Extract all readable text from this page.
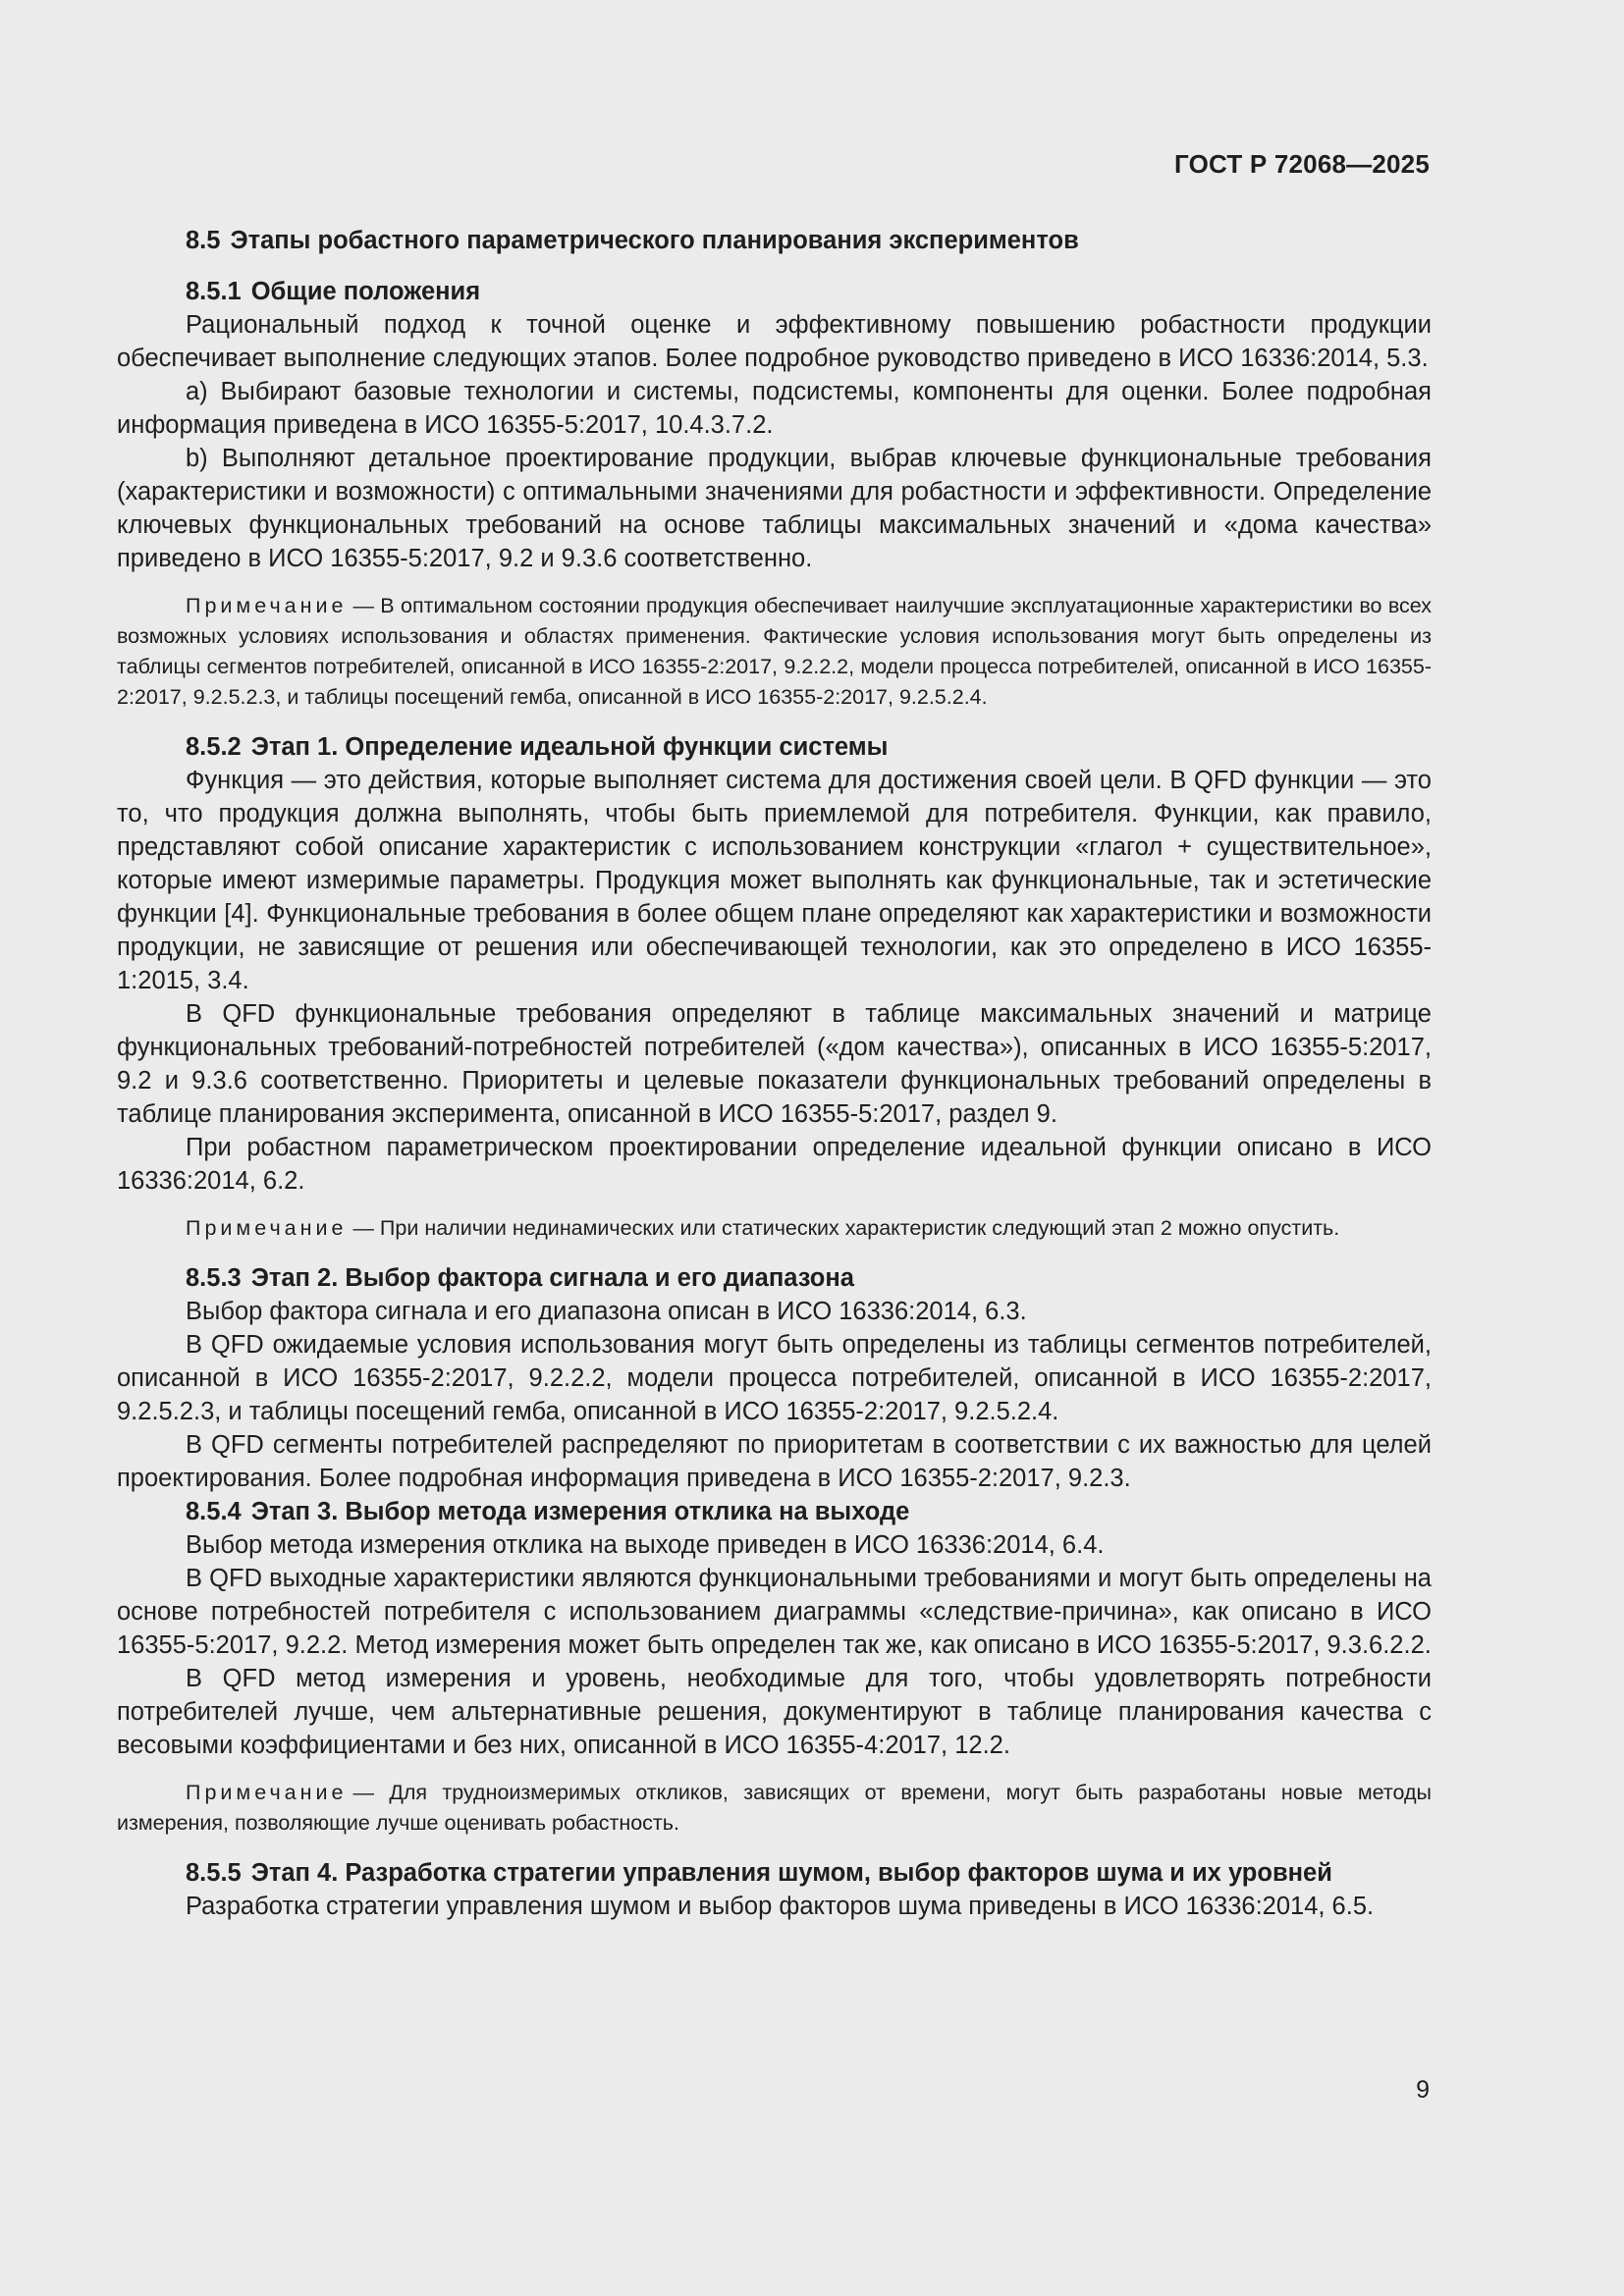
ГОСТ Р 72068—2025
8.5 Этапы робастного параметрического планирования экспериментов
8.5.1 Общие положения

Рациональный подход к точной оценке и эффективному повышению робастности продукции обеспечивает выполнение следующих этапов. Более подробное руководство приведено в ИСО 16336:2014, 5.3.

a) Выбирают базовые технологии и системы, подсистемы, компоненты для оценки. Более подробная информация приведена в ИСО 16355-5:2017, 10.4.3.7.2.

b) Выполняют детальное проектирование продукции, выбрав ключевые функциональные требования (характеристики и возможности) с оптимальными значениями для робастности и эффективности. Определение ключевых функциональных требований на основе таблицы максимальных значений и «дома качества» приведено в ИСО 16355-5:2017, 9.2 и 9.3.6 соответственно.

Примечание — В оптимальном состоянии продукция обеспечивает наилучшие эксплуатационные характеристики во всех возможных условиях использования и областях применения. Фактические условия использования могут быть определены из таблицы сегментов потребителей, описанной в ИСО 16355-2:2017, 9.2.2.2, модели процесса потребителей, описанной в ИСО 16355-2:2017, 9.2.5.2.3, и таблицы посещений гемба, описанной в ИСО 16355-2:2017, 9.2.5.2.4.

8.5.2 Этап 1. Определение идеальной функции системы

Функция — это действия, которые выполняет система для достижения своей цели. В QFD функции — это то, что продукция должна выполнять, чтобы быть приемлемой для потребителя. Функции, как правило, представляют собой описание характеристик с использованием конструкции «глагол + существительное», которые имеют измеримые параметры. Продукция может выполнять как функциональные, так и эстетические функции [4]. Функциональные требования в более общем плане определяют как характеристики и возможности продукции, не зависящие от решения или обеспечивающей технологии, как это определено в ИСО 16355-1:2015, 3.4.

В QFD функциональные требования определяют в таблице максимальных значений и матрице функциональных требований-потребностей потребителей («дом качества»), описанных в ИСО 16355-5:2017, 9.2 и 9.3.6 соответственно. Приоритеты и целевые показатели функциональных требований определены в таблице планирования эксперимента, описанной в ИСО 16355-5:2017, раздел 9.

При робастном параметрическом проектировании определение идеальной функции описано в ИСО 16336:2014, 6.2.

Примечание — При наличии нединамических или статических характеристик следующий этап 2 можно опустить.

8.5.3 Этап 2. Выбор фактора сигнала и его диапазона

Выбор фактора сигнала и его диапазона описан в ИСО 16336:2014, 6.3.

В QFD ожидаемые условия использования могут быть определены из таблицы сегментов потребителей, описанной в ИСО 16355-2:2017, 9.2.2.2, модели процесса потребителей, описанной в ИСО 16355-2:2017, 9.2.5.2.3, и таблицы посещений гемба, описанной в ИСО 16355-2:2017, 9.2.5.2.4.

В QFD сегменты потребителей распределяют по приоритетам в соответствии с их важностью для целей проектирования. Более подробная информация приведена в ИСО 16355-2:2017, 9.2.3.

8.5.4 Этап 3. Выбор метода измерения отклика на выходе

Выбор метода измерения отклика на выходе приведен в ИСО 16336:2014, 6.4.

В QFD выходные характеристики являются функциональными требованиями и могут быть определены на основе потребностей потребителя с использованием диаграммы «следствие-причина», как описано в ИСО 16355-5:2017, 9.2.2. Метод измерения может быть определен так же, как описано в ИСО 16355-5:2017, 9.3.6.2.2.

В QFD метод измерения и уровень, необходимые для того, чтобы удовлетворять потребности потребителей лучше, чем альтернативные решения, документируют в таблице планирования качества с весовыми коэффициентами и без них, описанной в ИСО 16355-4:2017, 12.2.

Примечание — Для трудноизмеримых откликов, зависящих от времени, могут быть разработаны новые методы измерения, позволяющие лучше оценивать робастность.

8.5.5 Этап 4. Разработка стратегии управления шумом, выбор факторов шума и их уровней

Разработка стратегии управления шумом и выбор факторов шума приведены в ИСО 16336:2014, 6.5.

9
